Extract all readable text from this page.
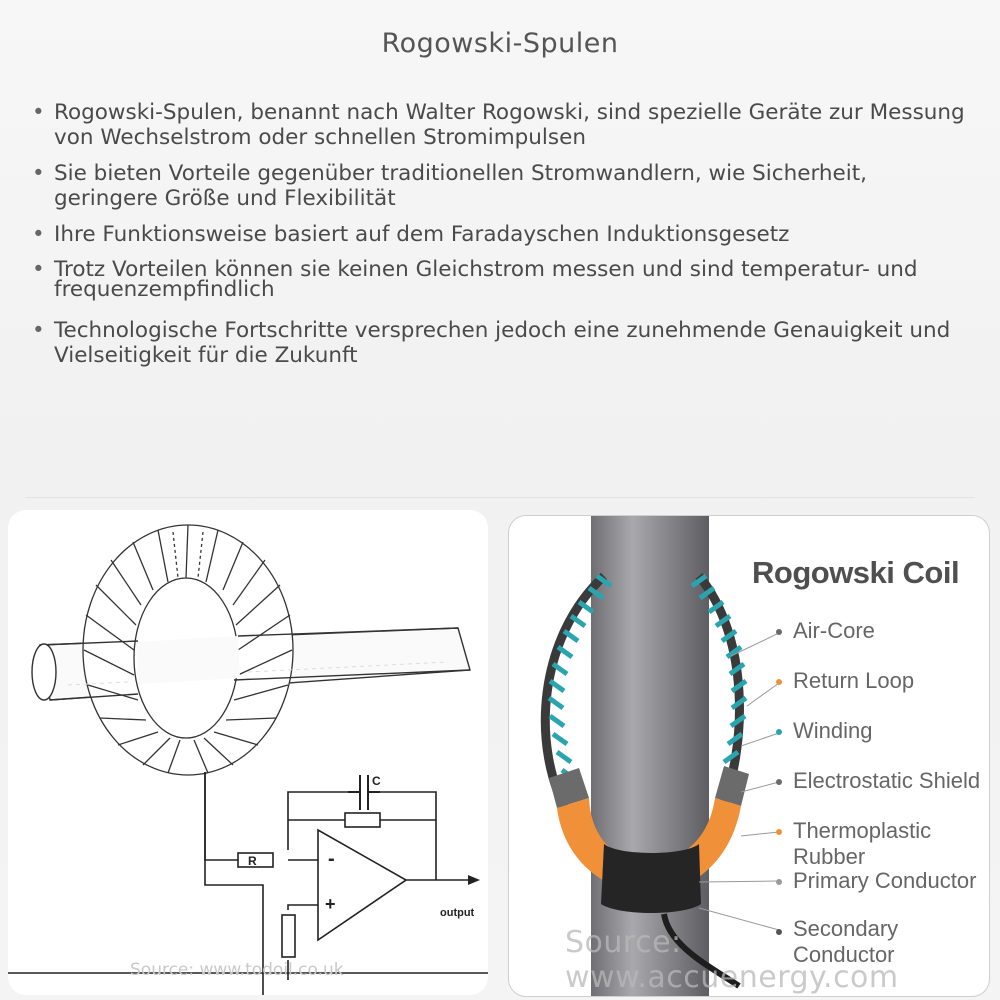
Rogowski-Spulen
• Rogowski-Spulen, benannt nach Walter Rogowski, sind spezielle Geräte zur Messung von Wechselstrom oder schnellen Stromimpulsen
• Sie bieten Vorteile gegenüber traditionellen Stromwandlern, wie Sicherheit, geringere Größe und Flexibilität
• Ihre Funktionsweise basiert auf dem Faradayschen Induktionsgesetz
• Trotz Vorteilen können sie keinen Gleichstrom messen und sind temperatur- und frequenzempfindlich
• Technologische Fortschritte versprechen jedoch eine zunehmende Genauigkeit und Vielseitigkeit für die Zukunft
R
C
-
+	output
Source: www.todoil.co.uk
Rogowski Coil
Air-Core
Return Loop
Winding
Electrostatic Shield
Thermoplastic Rubber
Primary Conductor
Secondary Conductor
Source: www.accuenergy.com
